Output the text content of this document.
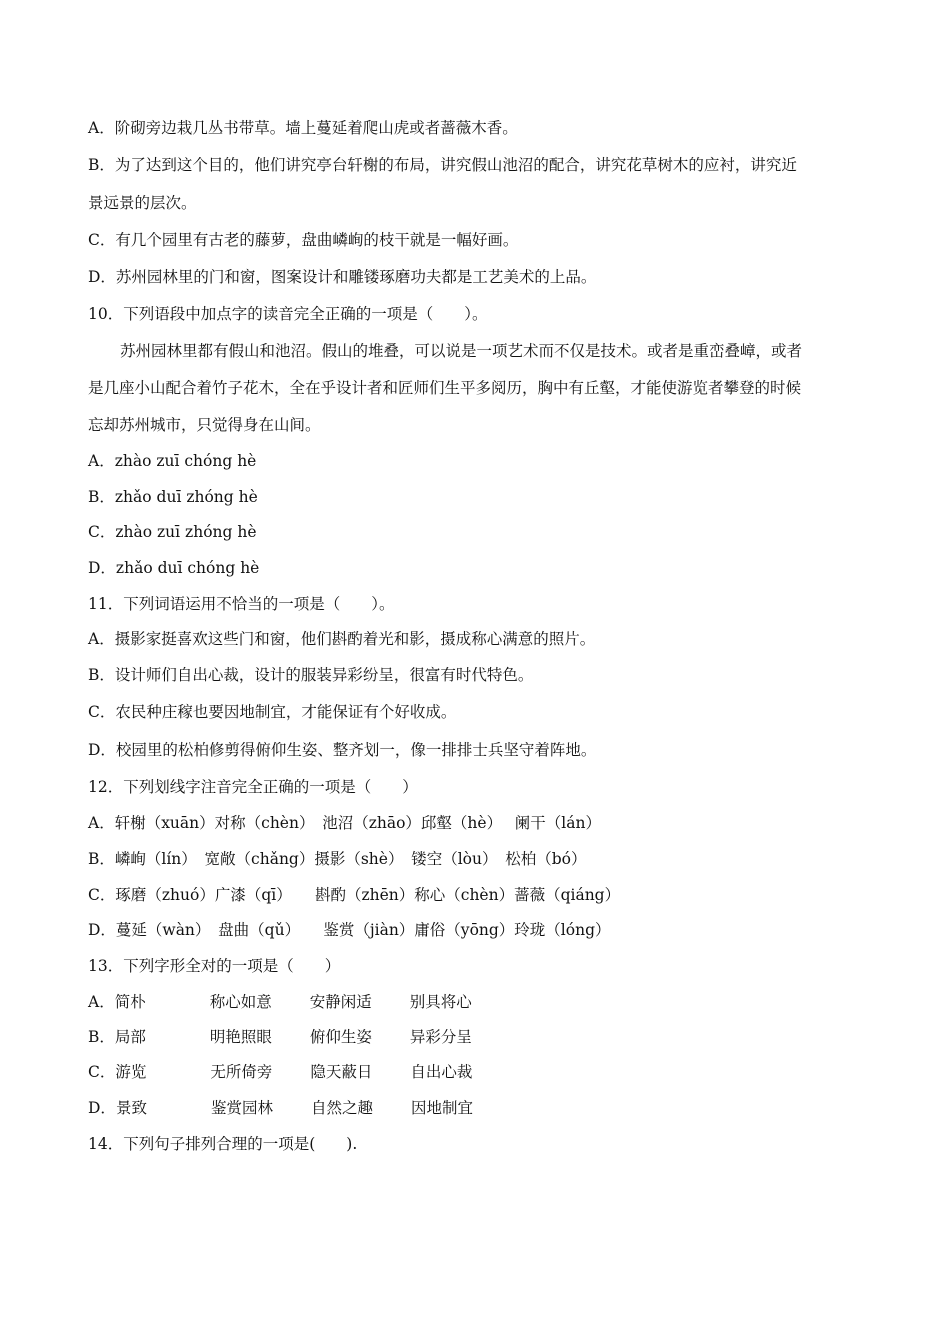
A．阶砌旁边栽几丛书带草。墙上蔓延着爬山虎或者蔷薇木香。
B．为了达到这个目的，他们讲究亭台轩榭的布局，讲究假山池沼的配合，讲究花草树木的应衬，讲究近
景远景的层次。
C．有几个园里有古老的藤萝，盘曲嶙峋的枝干就是一幅好画。
D．苏州园林里的门和窗，图案设计和雕镂琢磨功夫都是工艺美术的上品。
10．下列语段中加点字的读音完全正确的一项是（　　）。
苏州园林里都有假山和池沼。假山的堆叠，可以说是一项艺术而不仅是技术。或者是重峦叠嶂，或者
是几座小山配合着竹子花木，全在乎设计者和匠师们生平多阅历，胸中有丘壑，才能使游览者攀登的时候
忘却苏州城市，只觉得身在山间。
A．zhào zuī chóng hè
B．zhǎo duī zhóng hè
C．zhào zuī zhóng hè
D．zhǎo duī chóng hè
11．下列词语运用不恰当的一项是（　　）。
A．摄影家挺喜欢这些门和窗，他们斟酌着光和影，摄成称心满意的照片。
B．设计师们自出心裁，设计的服装异彩纷呈，很富有时代特色。
C．农民种庄稼也要因地制宜，才能保证有个好收成。
D．校园里的松柏修剪得俯仰生姿、整齐划一，像一排排士兵坚守着阵地。
12．下列划线字注音完全正确的一项是（　　）
A．轩榭（xuān）对称（chèn）　池沼（zhāo）邱壑（hè）　 阑干（lán）
B．嶙峋（lín）　宽敞（chǎng）摄影（shè）　镂空（lòu）　松柏（bó）
C．琢磨（zhuó）广漆（qī）　　斟酌（zhēn）称心（chèn）蔷薇（qiáng）
D．蔓延（wàn）　盘曲（qǔ）　　鉴赏（jiàn）庸俗（yōng）玲珑（lóng）
13．下列字形全对的一项是（　　）
A．简朴	称心如意 安静闲适 别具将心
B．局部	明艳照眼 俯仰生姿 异彩分呈
C．游览	无所倚旁 隐天蔽日 自出心裁
D．景致	鉴赏园林 自然之趣 因地制宜
14．下列句子排列合理的一项是(　　).
